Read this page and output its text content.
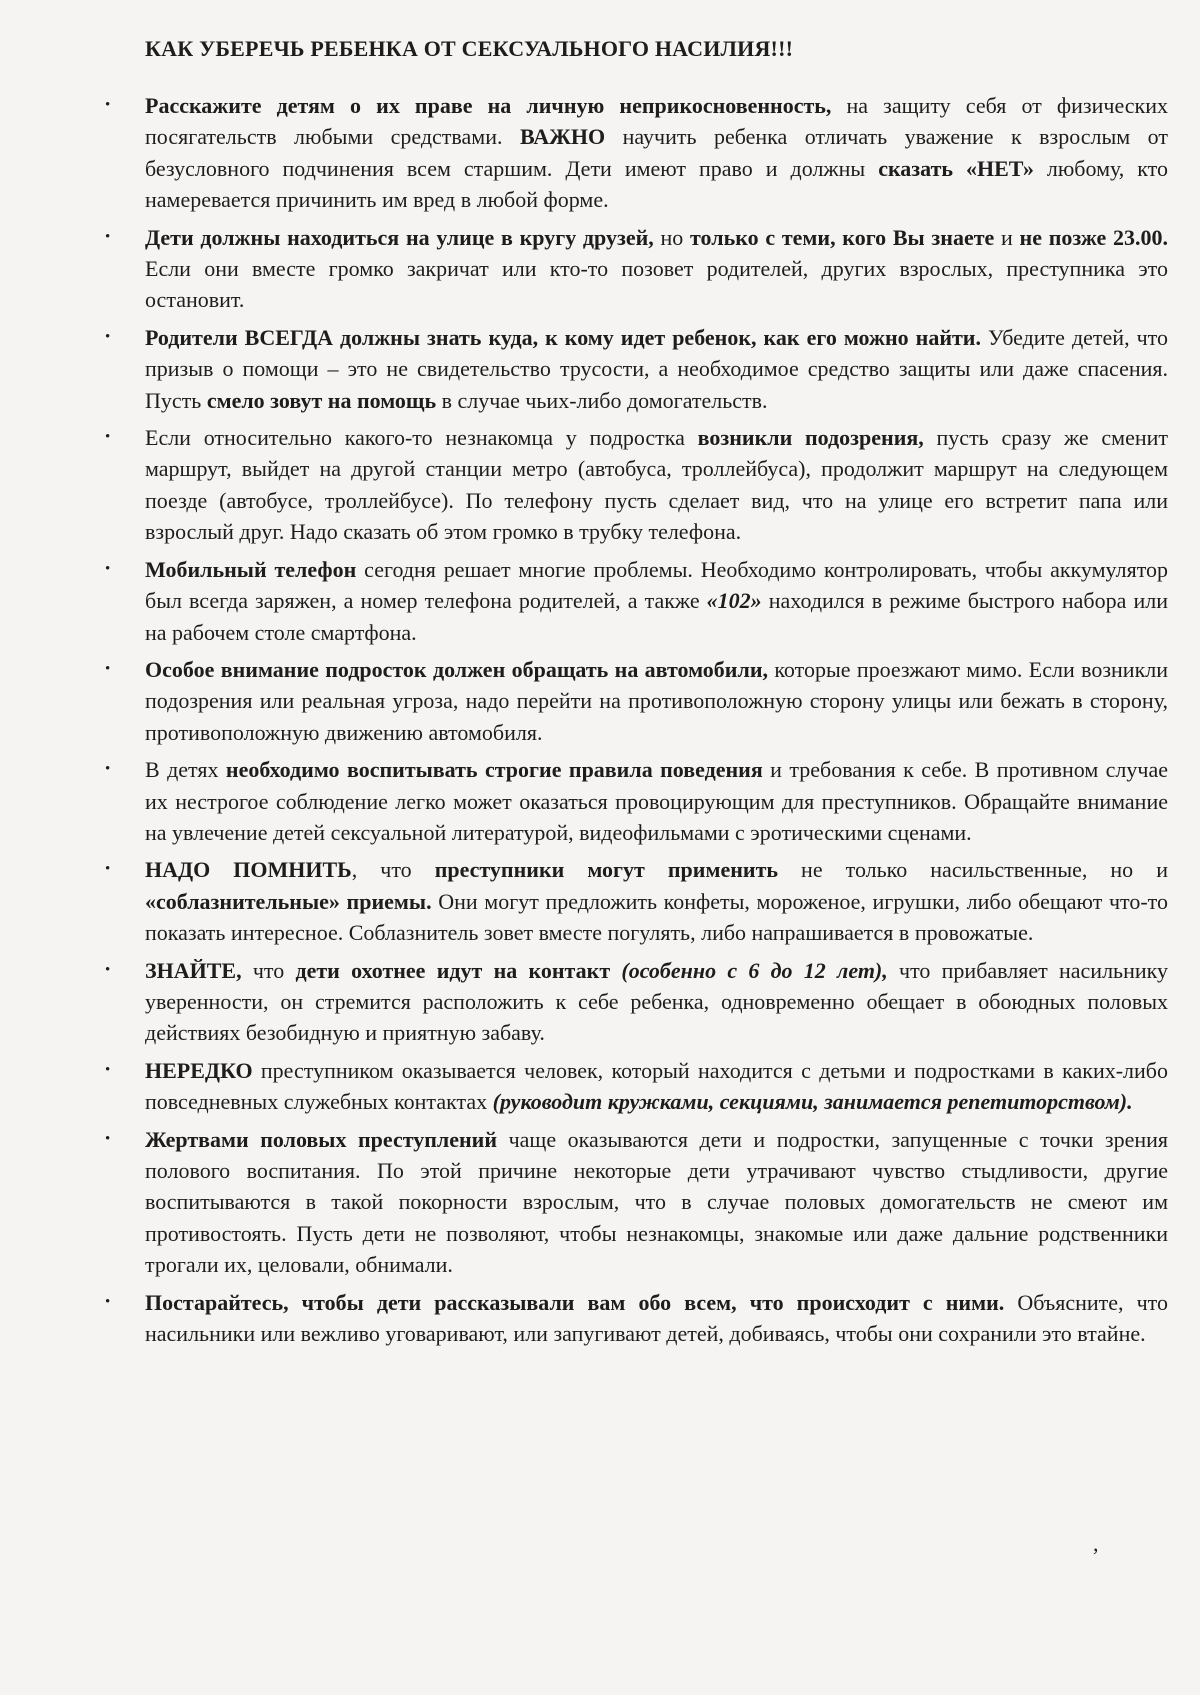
КАК УБЕРЕЧЬ РЕБЕНКА ОТ СЕКСУАЛЬНОГО НАСИЛИЯ!!!
• Расскажите детям о их праве на личную неприкосновенность, на защиту себя от физических посягательств любыми средствами. ВАЖНО научить ребенка отличать уважение к взрослым от безусловного подчинения всем старшим. Дети имеют право и должны сказать «НЕТ» любому, кто намеревается причинить им вред в любой форме.
• Дети должны находиться на улице в кругу друзей, но только с теми, кого Вы знаете и не позже 23.00. Если они вместе громко закричат или кто-то позовет родителей, других взрослых, преступника это остановит.
• Родители ВСЕГДА должны знать куда, к кому идет ребенок, как его можно найти. Убедите детей, что призыв о помощи – это не свидетельство трусости, а необходимое средство защиты или даже спасения. Пусть смело зовут на помощь в случае чьих-либо домогательств.
• Если относительно какого-то незнакомца у подростка возникли подозрения, пусть сразу же сменит маршрут, выйдет на другой станции метро (автобуса, троллейбуса), продолжит маршрут на следующем поезде (автобусе, троллейбусе). По телефону пусть сделает вид, что на улице его встретит папа или взрослый друг. Надо сказать об этом громко в трубку телефона.
• Мобильный телефон сегодня решает многие проблемы. Необходимо контролировать, чтобы аккумулятор был всегда заряжен, а номер телефона родителей, а также «102» находился в режиме быстрого набора или на рабочем столе смартфона.
• Особое внимание подросток должен обращать на автомобили, которые проезжают мимо. Если возникли подозрения или реальная угроза, надо перейти на противоположную сторону улицы или бежать в сторону, противоположную движению автомобиля.
• В детях необходимо воспитывать строгие правила поведения и требования к себе. В противном случае их нестрогое соблюдение легко может оказаться провоцирующим для преступников. Обращайте внимание на увлечение детей сексуальной литературой, видеофильмами с эротическими сценами.
• НАДО ПОМНИТЬ, что преступники могут применить не только насильственные, но и «соблазнительные» приемы. Они могут предложить конфеты, мороженое, игрушки, либо обещают что-то показать интересное. Соблазнитель зовет вместе погулять, либо напрашивается в провожатые.
• ЗНАЙТЕ, что дети охотнее идут на контакт (особенно с 6 до 12 лет), что прибавляет насильнику уверенности, он стремится расположить к себе ребенка, одновременно обещает в обоюдных половых действиях безобидную и приятную забаву.
• НЕРЕДКО преступником оказывается человек, который находится с детьми и подростками в каких-либо повседневных служебных контактах (руководит кружками, секциями, занимается репетиторством).
• Жертвами половых преступлений чаще оказываются дети и подростки, запущенные с точки зрения полового воспитания. По этой причине некоторые дети утрачивают чувство стыдливости, другие воспитываются в такой покорности взрослым, что в случае половых домогательств не смеют им противостоять. Пусть дети не позволяют, чтобы незнакомцы, знакомые или даже дальние родственники трогали их, целовали, обнимали.
• Постарайтесь, чтобы дети рассказывали вам обо всем, что происходит с ними. Объясните, что насильники или вежливо уговаривают, или запугивают детей, добиваясь, чтобы они сохранили это втайне.
,
